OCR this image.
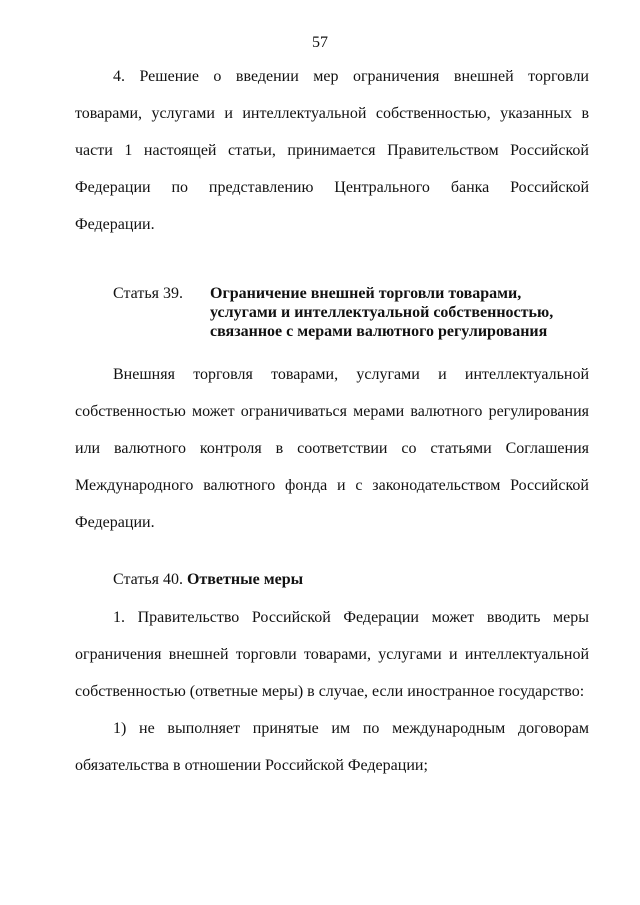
57
4. Решение о введении мер ограничения внешней торговли
товарами, услугами и интеллектуальной собственностью, указанных в
части 1 настоящей статьи, принимается Правительством Российской
Федерации по представлению Центрального банка Российской
Федерации.
Статья 39. Ограничение внешней торговли товарами,
услугами и интеллектуальной собственностью,
связанное с мерами валютного регулирования
Внешняя торговля товарами, услугами и интеллектуальной
собственностью может ограничиваться мерами валютного регулирования
или валютного контроля в соответствии со статьями Соглашения
Международного валютного фонда и с законодательством Российской
Федерации.
Статья 40. Ответные меры
1. Правительство Российской Федерации может вводить меры
ограничения внешней торговли товарами, услугами и интеллектуальной
собственностью (ответные меры) в случае, если иностранное государство:
1) не выполняет принятые им по международным договорам
обязательства в отношении Российской Федерации;
